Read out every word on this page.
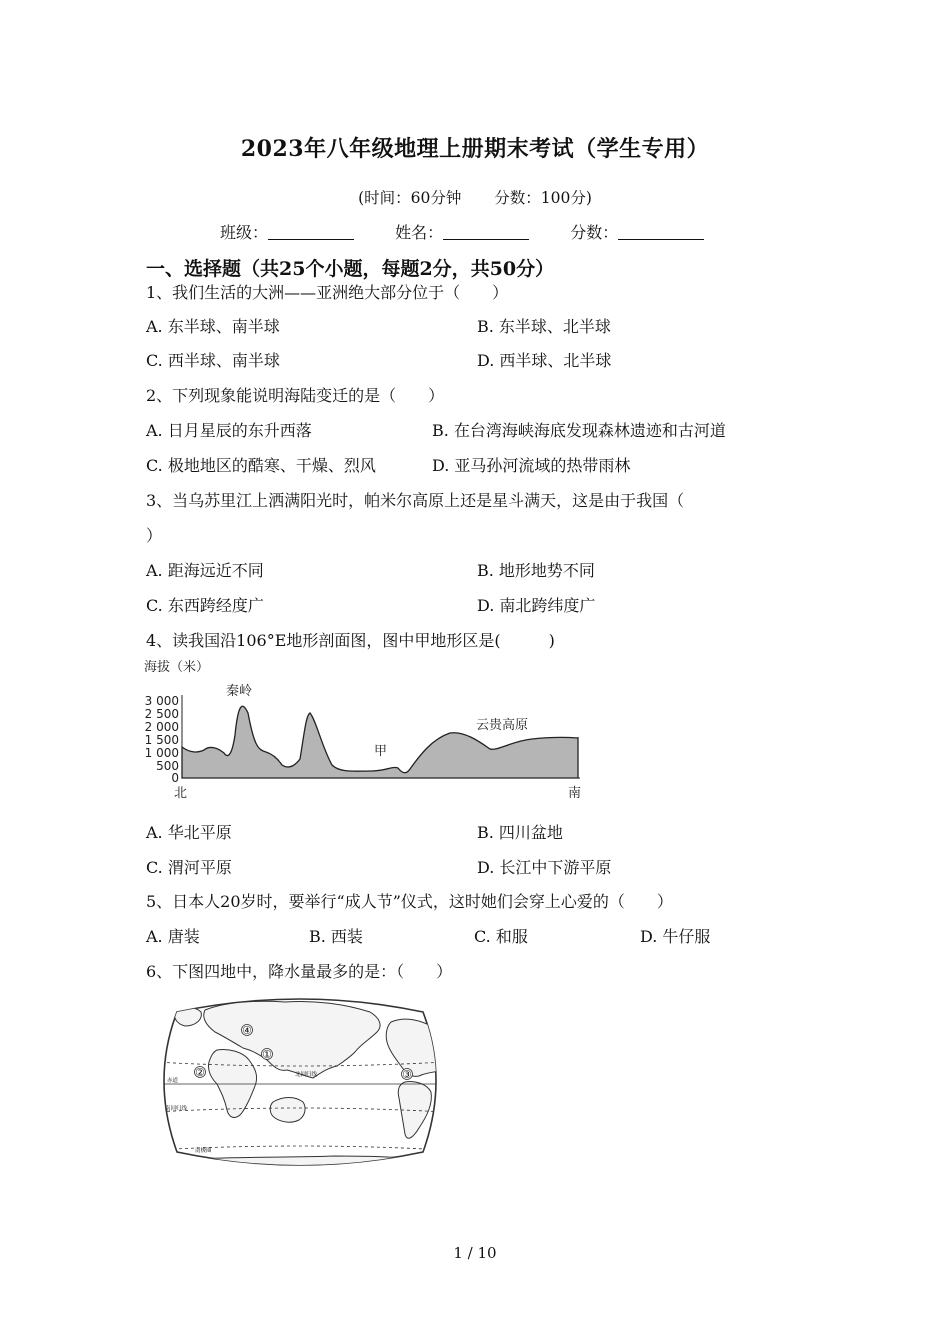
2023年八年级地理上册期末考试（学生专用）
(时间：60分钟 分数：100分)
班级：	姓名：	分数：
一、选择题（共25个小题，每题2分，共50分）
1、我们生活的大洲——亚洲绝大部分位于（　　）
A. 东半球、南半球	B. 东半球、北半球
C. 西半球、南半球	D. 西半球、北半球
2、下列现象能说明海陆变迁的是（　　）
A. 日月星辰的东升西落	B. 在台湾海峡海底发现森林遗迹和古河道
C. 极地地区的酷寒、干燥、烈风	D. 亚马孙河流域的热带雨林
3、当乌苏里江上洒满阳光时，帕米尔高原上还是星斗满天，这是由于我国（
）
A. 距海远近不同	B. 地形地势不同
C. 东西跨经度广	D. 南北跨纬度广
4、读我国沿106°E地形剖面图，图中甲地形区是(　　　)
海拔（米）
3 000
2 500
2 000
1 500
1 000
500
0
秦岭
甲
云贵高原
北	南
A. 华北平原	B. 四川盆地
C. 渭河平原	D. 长江中下游平原
5、日本人20岁时，要举行“成人节”仪式，这时她们会穿上心爱的（　　）
A. 唐装	B. 西装	C. 和服	D. 牛仔服
6、下图四地中，降水量最多的是：（　　）
①
②	③
④
北回归线
赤道
南回归线
南极圈
1 / 10
